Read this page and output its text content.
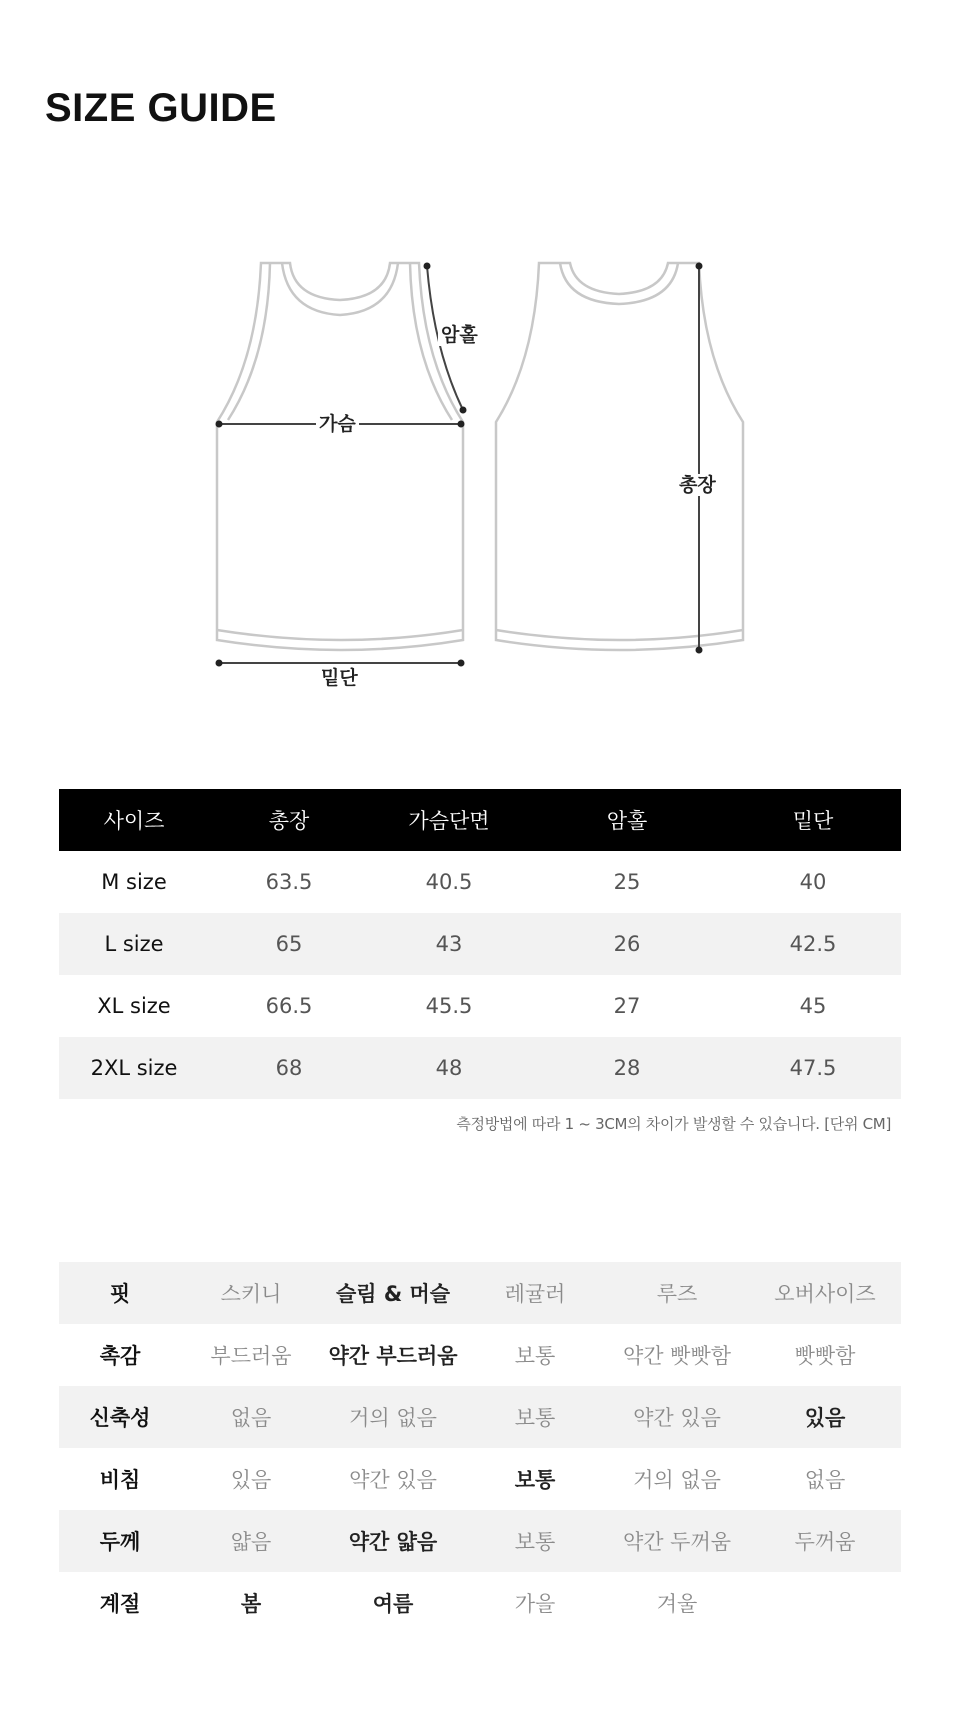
SIZE GUIDE
암홀
가슴
총장
밑단
사이즈	총장	가슴단면	암홀	밑단
M size	63.5	40.5	25	40
L size	65	43	26	42.5
XL size	66.5	45.5	27	45
2XL size	68	48	28	47.5
측정방법에 따라 1 ~ 3CM의 차이가 발생할 수 있습니다. [단위 CM]
핏	스키니	슬림 & 머슬	레귤러	루즈	오버사이즈
촉감	부드러움	약간 부드러움	보통	약간 빳빳함	빳빳함
신축성	없음	거의 없음	보통	약간 있음	있음
비침	있음	약간 있음	보통	거의 없음	없음
두께	얇음	약간 얇음	보통	약간 두꺼움	두꺼움
계절	봄	여름	가을	겨울	
